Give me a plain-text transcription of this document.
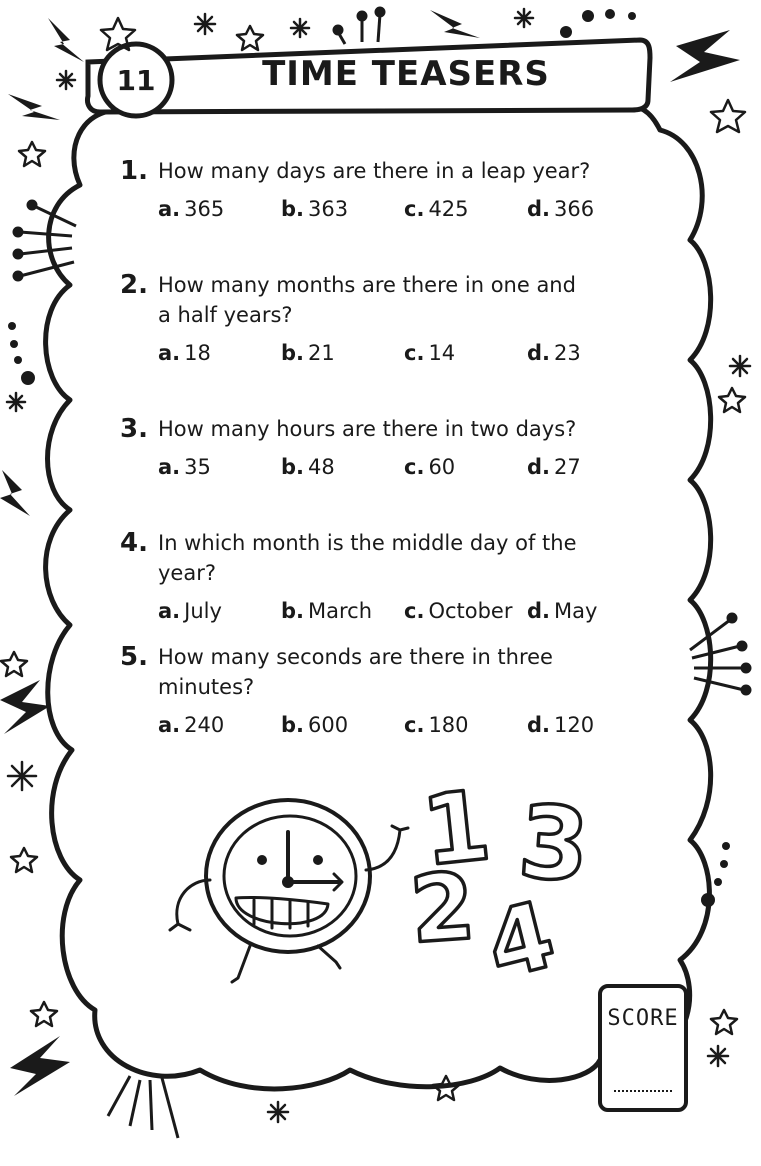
1 3
2
4
11	TIME TEASERS
1. How many days are there in a leap year?
a. 365	b. 363	c. 425	d. 366
2. How many months are there in one and a half years?
a. 18	b. 21	c. 14	d. 23
3. How many hours are there in two days?
a. 35	b. 48	c. 60	d. 27
4. In which month is the middle day of the year?
a. July	b. March	c. October d. May
5. How many seconds are there in three minutes?
a. 240	b. 600	c. 180	d. 120
SCORE
